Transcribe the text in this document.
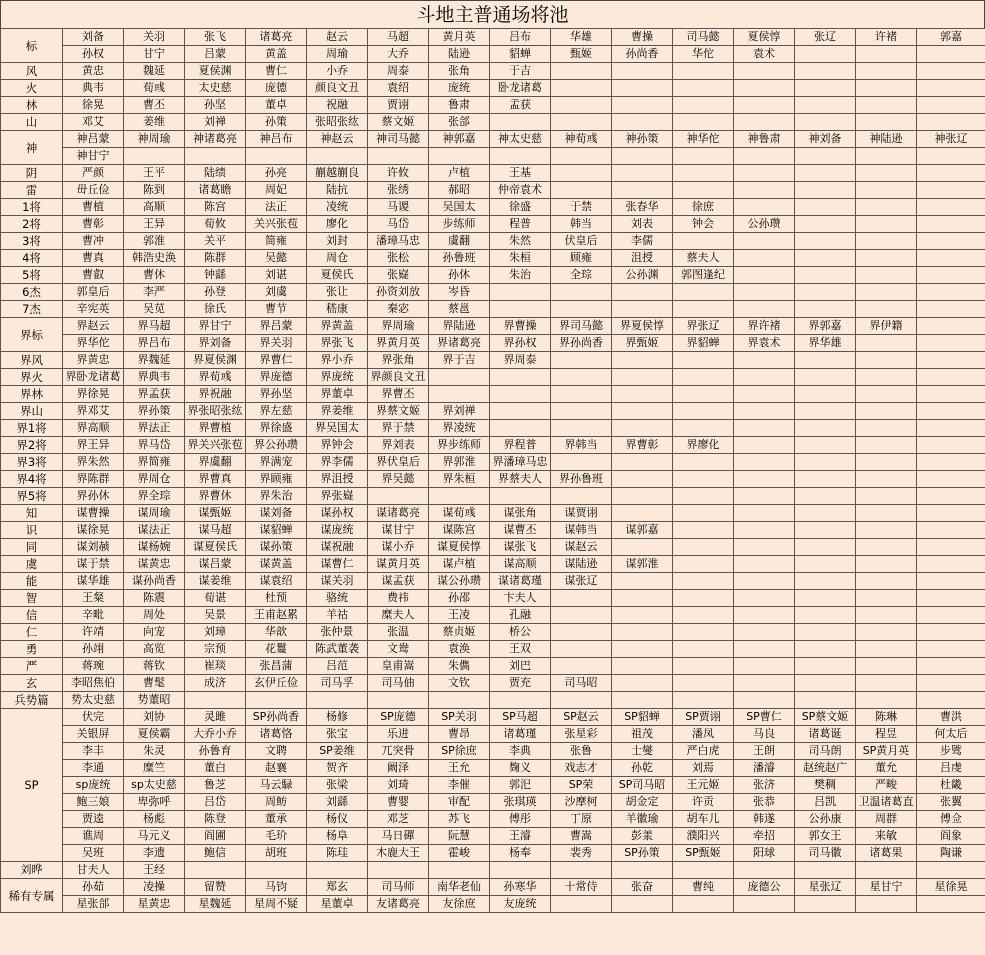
斗地主普通场将池
标	刘备	关羽	张飞	诸葛亮	赵云	马超	黄月英	吕布	华雄	曹操	司马懿	夏侯惇	张辽	许褚	郭嘉
	孙权	甘宁	吕蒙	黄盖	周瑜	大乔	陆逊	貂蝉	甄姬	孙尚香	华佗	袁术			
风	黄忠	魏延	夏侯渊	曹仁	小乔	周泰	张角	于吉							
火	典韦	荀彧	太史慈	庞德	颜良文丑	袁绍	庞统	卧龙诸葛							
林	徐晃	曹丕	孙坚	董卓	祝融	贾诩	鲁肃	孟获							
山	邓艾	姜维	刘禅	孙策	张昭张纮	蔡文姬	张郃								
神	神吕蒙	神周瑜	神诸葛亮	神吕布	神赵云	神司马懿	神郭嘉	神太史慈	神荀彧	神孙策	神华佗	神鲁肃	神刘备	神陆逊	神张辽
	神甘宁														
阴	严颜	王平	陆绩	孙亮	蒯越蒯良	许攸	卢植	王基							
雷	毌丘俭	陈到	诸葛瞻	周妃	陆抗	张绣	郝昭	仲帝袁术							
1将	曹植	高顺	陈宫	法正	凌统	马谡	吴国太	徐盛	于禁	张春华	徐庶				
2将	曹彰	王异	荀攸	关兴张苞	廖化	马岱	步练师	程普	韩当	刘表	钟会	公孙瓒			
3将	曹冲	郭淮	关平	简雍	刘封	潘璋马忠	虞翻	朱然	伏皇后	李儒					
4将	曹真	韩浩史涣	陈群	吴懿	周仓	张松	孙鲁班	朱桓	顾雍	沮授	蔡夫人				
5将	曹叡	曹休	钟繇	刘谌	夏侯氏	张嶷	孙休	朱治	全琮	公孙渊	郭图逢纪				
6杰	郭皇后	李严	孙登	刘虞	张让	孙资刘放	岑昏								
7杰	辛宪英	吴苋	徐氏	曹节	嵇康	秦宓	蔡邕								
界标	界赵云	界马超	界甘宁	界吕蒙	界黄盖	界周瑜	界陆逊	界曹操	界司马懿	界夏侯惇	界张辽	界许褚	界郭嘉	界伊籍	
	界华佗	界吕布	界刘备	界关羽	界张飞	界黄月英	界诸葛亮	界孙权	界孙尚香	界甄姬	界貂蝉	界袁术	界华雄		
界风	界黄忠	界魏延	界夏侯渊	界曹仁	界小乔	界张角	界于吉	界周泰							
界火	界卧龙诸葛	界典韦	界荀彧	界庞德	界庞统	界颜良文丑									
界林	界徐晃	界孟获	界祝融	界孙坚	界董卓	界曹丕									
界山	界邓艾	界孙策	界张昭张纮	界左慈	界姜维	界蔡文姬	界刘禅								
界1将	界高顺	界法正	界曹植	界徐盛	界吴国太	界于禁	界凌统								
界2将	界王异	界马岱	界关兴张苞	界公孙瓒	界钟会	界刘表	界步练师	界程普	界韩当	界曹彰	界廖化				
界3将	界朱然	界简雍	界虞翻	界满宠	界李儒	界伏皇后	界郭淮	界潘璋马忠							
界4将	界陈群	界周仓	界曹真	界顾雍	界沮授	界吴懿	界朱桓	界蔡夫人	界孙鲁班						
界5将	界孙休	界全琮	界曹休	界朱治	界张嶷										
知	谋曹操	谋周瑜	谋甄姬	谋刘备	谋孙权	谋诸葛亮	谋荀彧	谋张角	谋贾诩						
识	谋徐晃	谋法正	谋马超	谋貂蝉	谋庞统	谋甘宁	谋陈宫	谋曹丕	谋韩当	谋郭嘉					
同	谋刘赪	谋杨婉	谋夏侯氏	谋孙策	谋祝融	谋小乔	谋夏侯惇	谋张飞	谋赵云						
虞	谋于禁	谋黄忠	谋吕蒙	谋黄盖	谋曹仁	谋黄月英	谋卢植	谋高顺	谋陆逊	谋郭淮					
能	谋华雄	谋孙尚香	谋姜维	谋袁绍	谋关羽	谋孟获	谋公孙瓒	谋诸葛瑾	谋张辽						
智	王粲	陈震	荀谌	杜预	骆统	费祎	孙邵	卞夫人							
信	辛毗	周处	吴景	王甫赵累	羊祜	糜夫人	王凌	孔融							
仁	许靖	向宠	刘璋	华歆	张仲景	张温	蔡贞姬	桥公							
勇	孙翊	高览	宗预	花鬘	陈武董袭	文鸯	袁涣	王双							
严	蒋琬	蒋钦	崔琰	张昌蒲	吕范	皇甫嵩	朱儁	刘巴							
玄	李昭焦伯	曹髦	成济	玄伊丘俭	司马孚	司马伷	文钦	贾充	司马昭						
兵势篇	势太史慈	势董昭													
SP	伏完	刘协	灵雎	SP孙尚香	杨修	SP庞德	SP关羽	SP马超	SP赵云	SP貂蝉	SP贾诩	SP曹仁	SP蔡文姬	陈琳	曹洪
	关银屏	夏侯霸	大乔小乔	诸葛恪	张宝	乐进	曹昂	诸葛瑾	张星彩	祖茂	潘凤	马良	诸葛诞	程昱	何太后
	李丰	朱灵	孙鲁育	文聘	SP姜维	兀突骨	SP徐庶	李典	张鲁	士燮	严白虎	王朗	司马朗	SP黄月英	步骘
	李通	糜竺	董白	赵襄	贺齐	阚泽	王允	麹义	戏志才	孙乾	刘焉	潘濬	赵统赵广	董允	吕虔
	sp庞统	sp太史慈	鲁芝	马云騄	张梁	刘琦	李催	郭汜	SP荣	SP司马昭	王元姬	张济	樊稠	严畯	杜畿
	鲍三娘	卑弥呼	吕岱	周鲂	刘繇	曹婴	审配	张琪瑛	沙摩柯	胡金定	许贡	张恭	吕凯	卫温诸葛直	张翼
	贾逵	杨彪	陈登	董承	杨仪	邓芝	苏飞	傅彤	丁原	羊徽瑜	胡车儿	韩遂	公孙康	周群	傅佥
	谯周	马元义	阎圃	毛玠	杨阜	马日磾	阮慧	王濬	曹嵩	彭羕	濮阳兴	牵招	郭女王	来敏	阎象
	吴班	李遗	鲍信	胡班	陈珪	木鹿大王	霍峻	杨奉	裴秀	SP孙策	SP甄姬	阳球	司马徽	诸葛果	陶谦
刘晔	甘夫人	王经													
稀有专属	孙茹	凌操	留赞	马钧	郑玄	司马师	南华老仙	孙寒华	十常侍	张奋	曹纯	庞德公	星张辽	星甘宁	星徐晃
	星张郃	星黄忠	星魏延	星周不疑	星董卓	友诸葛亮	友徐庶	友庞统							
